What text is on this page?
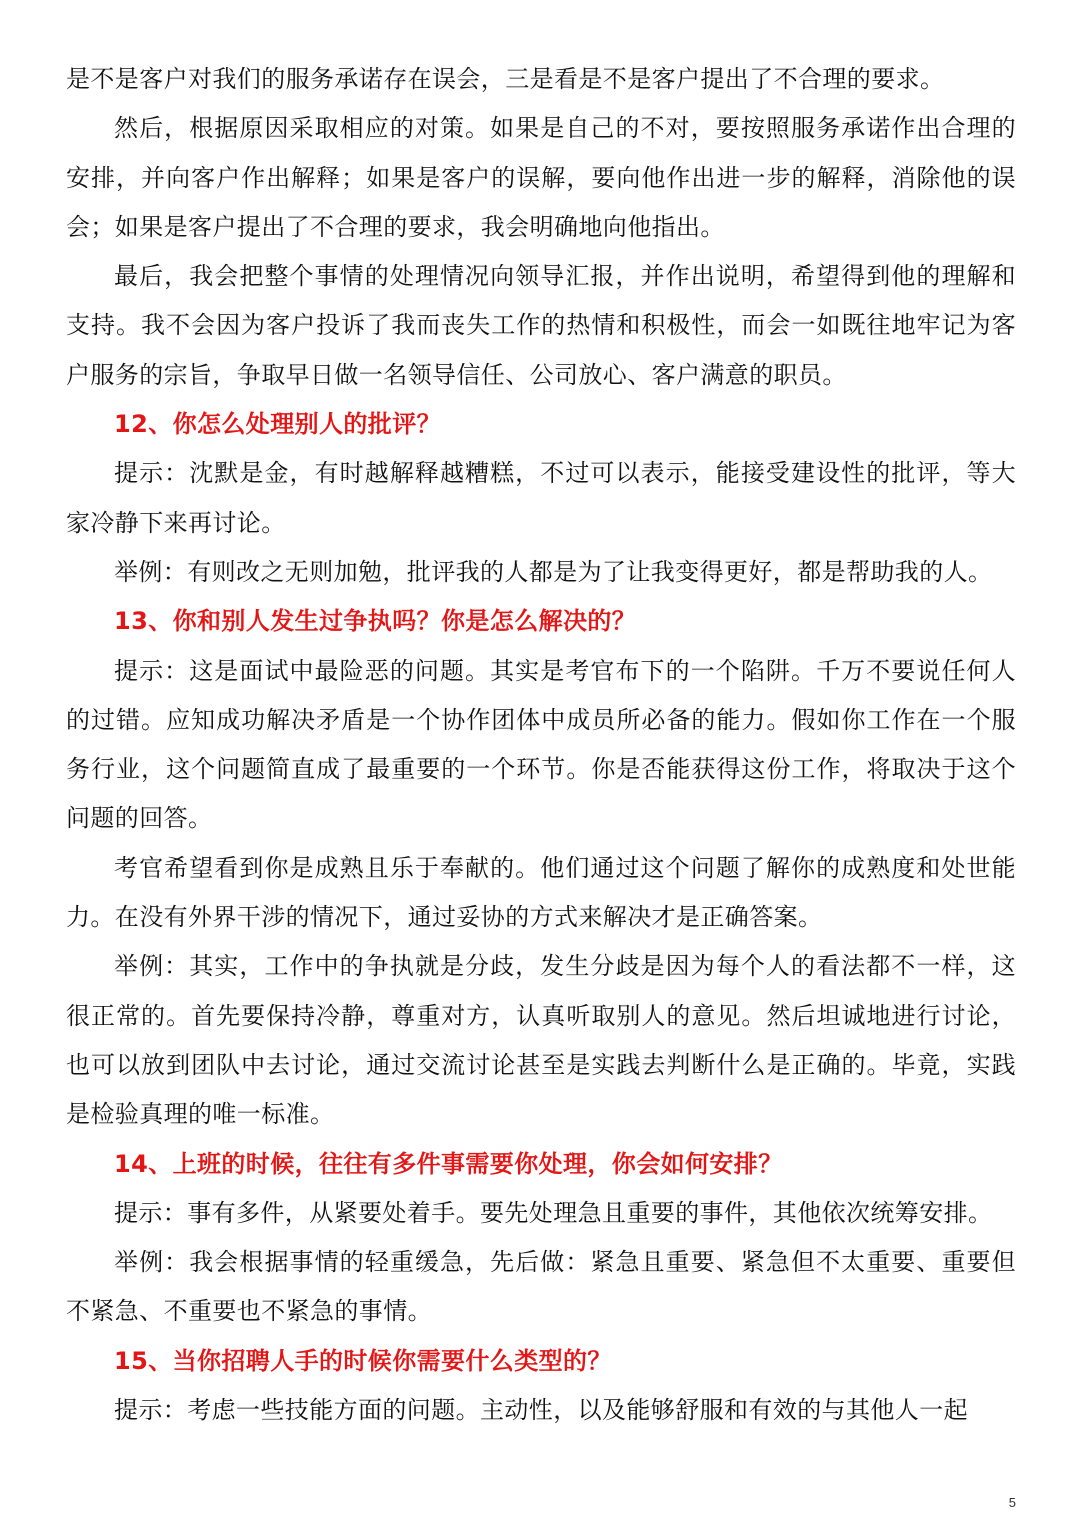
是不是客户对我们的服务承诺存在误会，三是看是不是客户提出了不合理的要求。

然后，根据原因采取相应的对策。如果是自己的不对，要按照服务承诺作出合理的安排，并向客户作出解释；如果是客户的误解，要向他作出进一步的解释，消除他的误会；如果是客户提出了不合理的要求，我会明确地向他指出。

最后，我会把整个事情的处理情况向领导汇报，并作出说明，希望得到他的理解和支持。我不会因为客户投诉了我而丧失工作的热情和积极性，而会一如既往地牢记为客户服务的宗旨，争取早日做一名领导信任、公司放心、客户满意的职员。

12、你怎么处理别人的批评？

提示：沈默是金，有时越解释越糟糕，不过可以表示，能接受建设性的批评，等大家冷静下来再讨论。

举例：有则改之无则加勉，批评我的人都是为了让我变得更好，都是帮助我的人。

13、你和别人发生过争执吗？你是怎么解决的？

提示：这是面试中最险恶的问题。其实是考官布下的一个陷阱。千万不要说任何人的过错。应知成功解决矛盾是一个协作团体中成员所必备的能力。假如你工作在一个服务行业，这个问题简直成了最重要的一个环节。你是否能获得这份工作，将取决于这个问题的回答。

考官希望看到你是成熟且乐于奉献的。他们通过这个问题了解你的成熟度和处世能力。在没有外界干涉的情况下，通过妥协的方式来解决才是正确答案。

举例：其实，工作中的争执就是分歧，发生分歧是因为每个人的看法都不一样，这很正常的。首先要保持冷静，尊重对方，认真听取别人的意见。然后坦诚地进行讨论，也可以放到团队中去讨论，通过交流讨论甚至是实践去判断什么是正确的。毕竟，实践是检验真理的唯一标准。

14、上班的时候，往往有多件事需要你处理，你会如何安排？

提示：事有多件，从紧要处着手。要先处理急且重要的事件，其他依次统筹安排。

举例：我会根据事情的轻重缓急，先后做：紧急且重要、紧急但不太重要、重要但不紧急、不重要也不紧急的事情。

15、当你招聘人手的时候你需要什么类型的？

提示：考虑一些技能方面的问题。主动性，以及能够舒服和有效的与其他人一起

5
